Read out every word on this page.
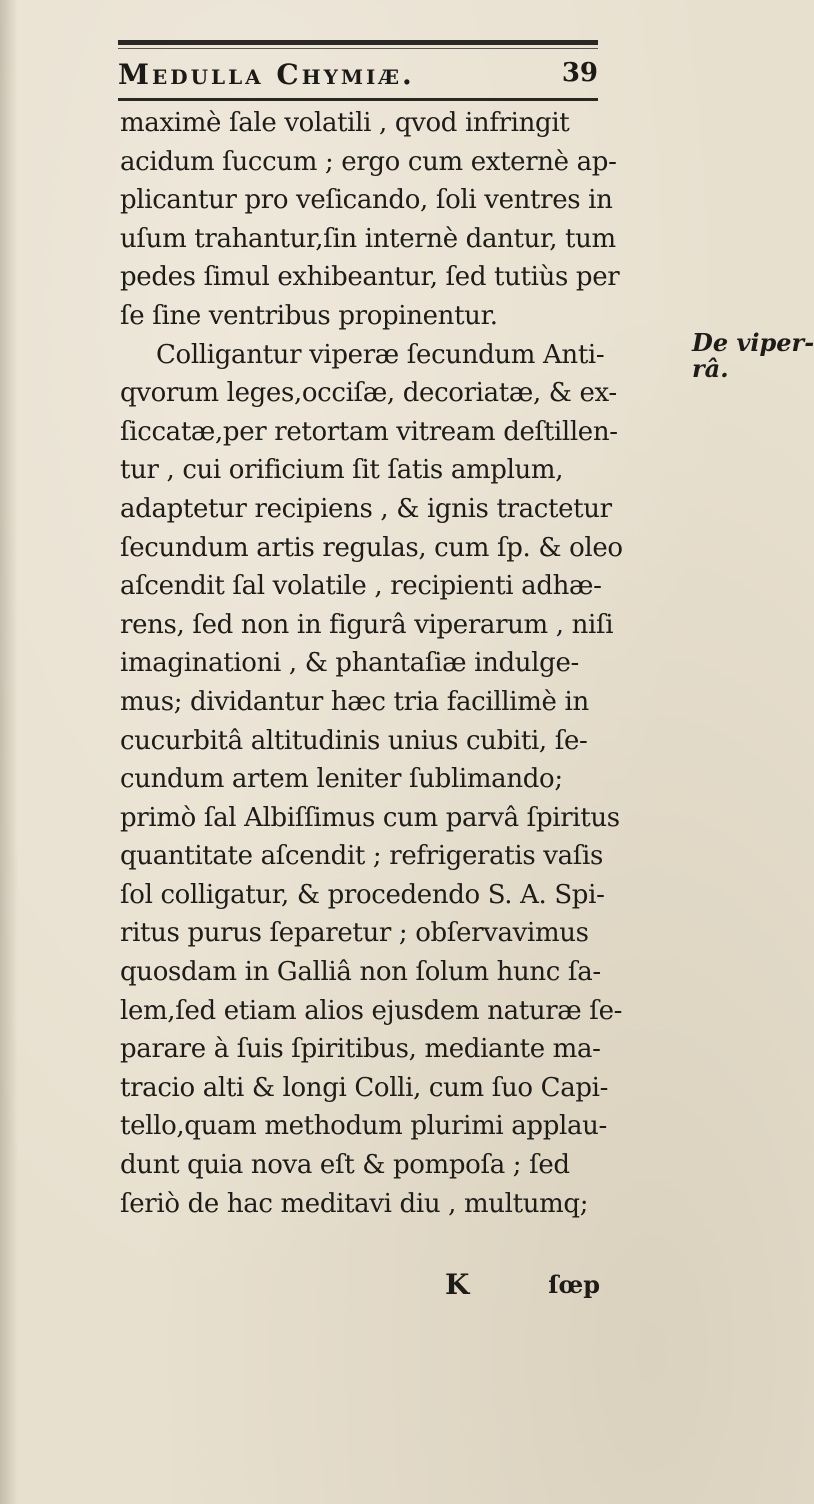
Medulla Chymiæ.	39
maximè ſale volatili , qvod infringit
acidum ſuccum ; ergo cum externè ap-
plicantur pro veſicando, ſoli ventres in
uſum trahantur,ſin internè dantur, tum
pedes ſimul exhibeantur, ſed tutiùs per
ſe ſine ventribus propinentur.
Colligantur viperæ ſecundum Anti-
qvorum leges,occiſæ, decoriatæ, & ex-
ſiccatæ,per retortam vitream deſtillen-
tur , cui orificium ſit ſatis amplum,
adaptetur recipiens , & ignis tractetur
ſecundum artis regulas, cum ſp. & oleo
aſcendit ſal volatile , recipienti adhæ-
rens, ſed non in figurâ viperarum , niſi
imaginationi , & phantaſiæ indulge-
mus; dividantur hæc tria facillimè in
cucurbitâ altitudinis unius cubiti, ſe-
cundum artem leniter ſublimando;
primò ſal Albiſſimus cum parvâ ſpiritus
quantitate aſcendit ; refrigeratis vaſis
ſol colligatur, & procedendo S. A. Spi-
ritus purus ſeparetur ; obſervavimus
quosdam in Galliâ non ſolum hunc ſa-
lem,ſed etiam alios ejusdem naturæ ſe-
parare à ſuis ſpiritibus, mediante ma-
tracio alti & longi Colli, cum ſuo Capi-
tello,quam methodum plurimi applau-
dunt quia nova eſt & pompoſa ; ſed
ſeriò de hac meditavi diu , multumq;
De viper-
râ.
K	ſœp
